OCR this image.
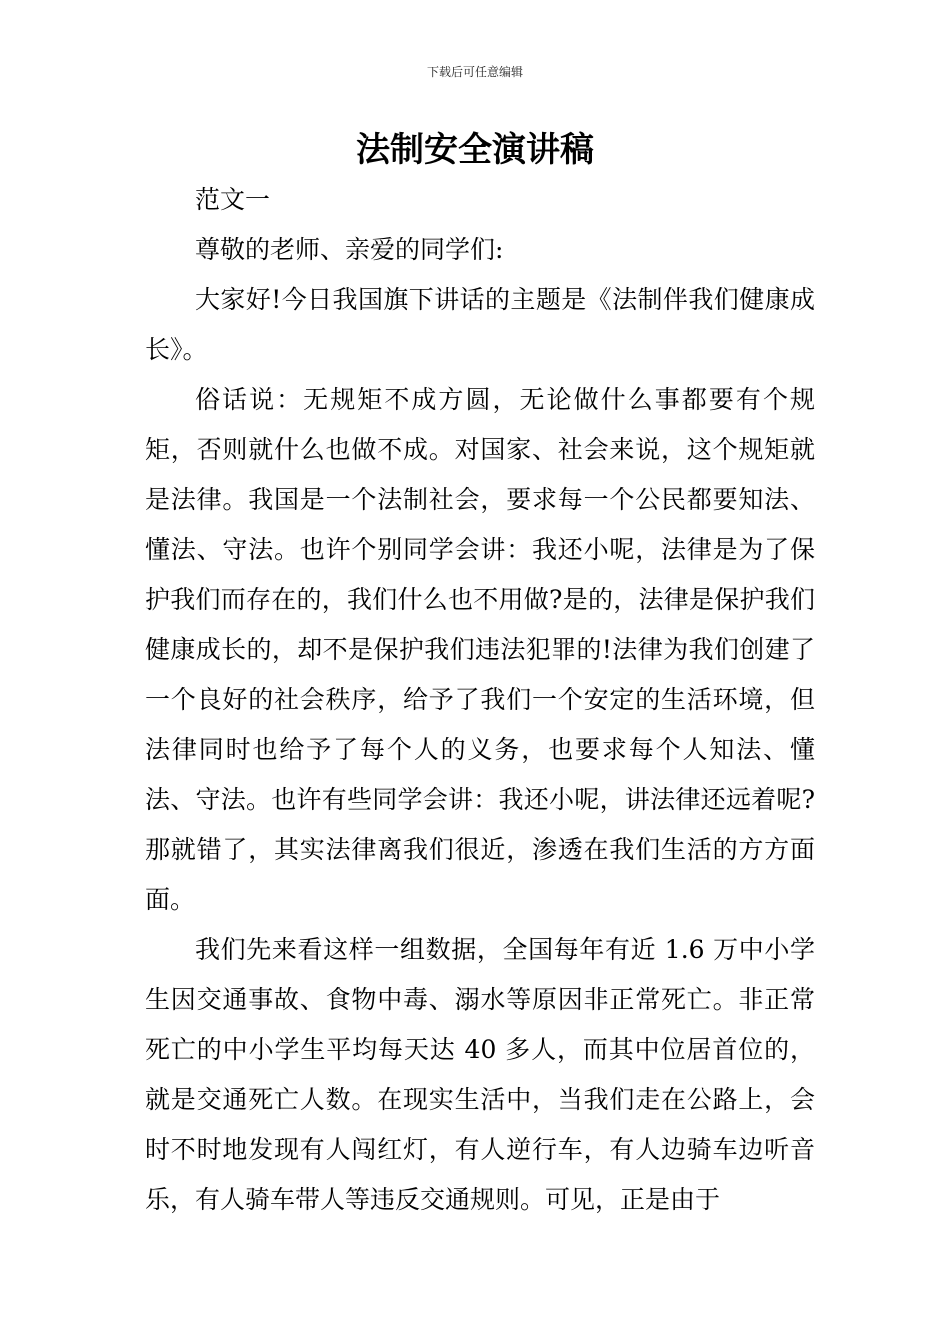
下载后可任意编辑
法制安全演讲稿

范文一

尊敬的老师、亲爱的同学们:

大家好!今日我国旗下讲话的主题是《法制伴我们健康成长》。

俗话说：无规矩不成方圆，无论做什么事都要有个规矩，否则就什么也做不成。对国家、社会来说，这个规矩就是法律。我国是一个法制社会，要求每一个公民都要知法、懂法、守法。也许个别同学会讲：我还小呢，法律是为了保护我们而存在的，我们什么也不用做?是的，法律是保护我们健康成长的，却不是保护我们违法犯罪的!法律为我们创建了一个良好的社会秩序，给予了我们一个安定的生活环境，但法律同时也给予了每个人的义务，也要求每个人知法、懂法、守法。也许有些同学会讲：我还小呢，讲法律还远着呢?那就错了，其实法律离我们很近，渗透在我们生活的方方面面。

我们先来看这样一组数据，全国每年有近 1.6 万中小学生因交通事故、食物中毒、溺水等原因非正常死亡。非正常死亡的中小学生平均每天达 40 多人，而其中位居首位的，就是交通死亡人数。在现实生活中，当我们走在公路上，会时不时地发现有人闯红灯，有人逆行车，有人边骑车边听音乐，有人骑车带人等违反交通规则。可见，正是由于
